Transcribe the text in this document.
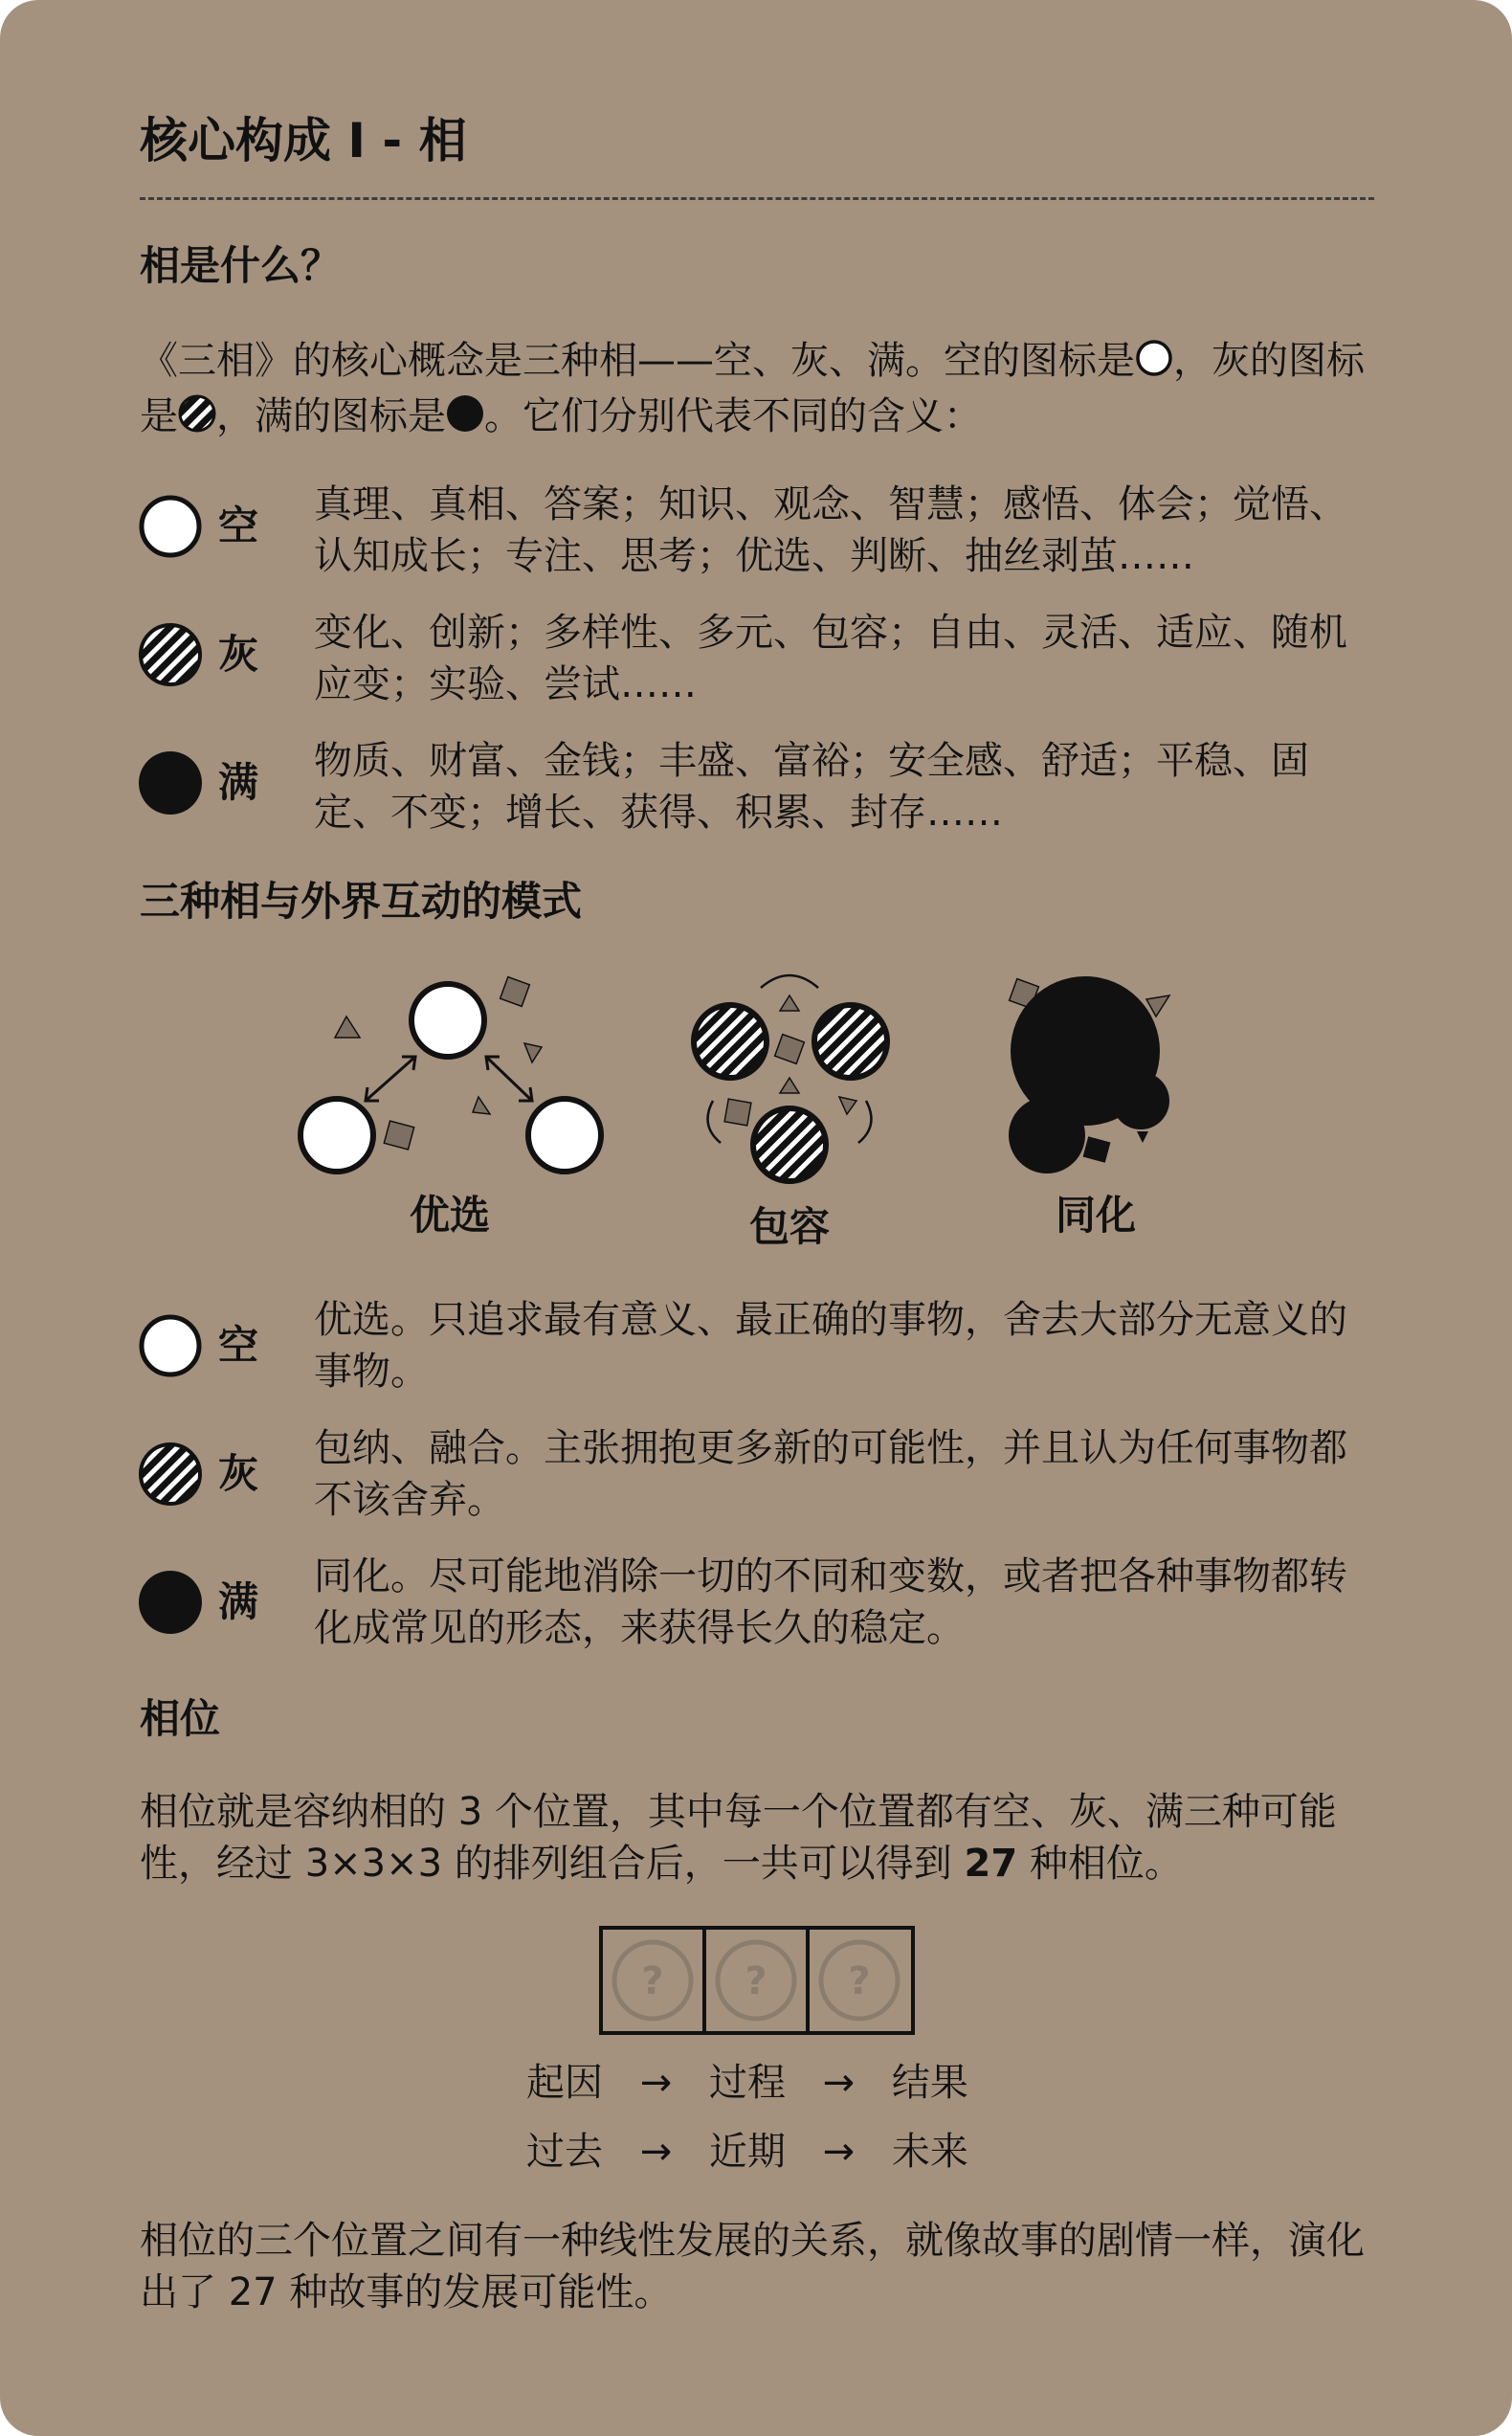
核心构成 I - 相
相是什么？
《三相》的核心概念是三种相——空、灰、满。空的图标是 ，灰的图标是 ，满的图标是 。它们分别代表不同的含义：
空 真理、真相、答案；知识、观念、智慧；感悟、体会；觉悟、认知成长；专注、思考；优选、判断、抽丝剥茧……
灰 变化、创新；多样性、多元、包容；自由、灵活、适应、随机应变；实验、尝试……
满 物质、财富、金钱；丰盛、富裕；安全感、舒适；平稳、固定、不变；增长、获得、积累、封存……
三种相与外界互动的模式
优选	包容	同化
空
优选。只追求最有意义、最正确的事物，舍去大部分无意义的事物。
灰
包纳、融合。主张拥抱更多新的可能性，并且认为任何事物都不该舍弃。
满
同化。尽可能地消除一切的不同和变数，或者把各种事物都转化成常见的形态，来获得长久的稳定。
相位
相位就是容纳相的 3 个位置，其中每一个位置都有空、灰、满三种可能性，经过 3×3×3 的排列组合后，一共可以得到 27 种相位。
? ? ?
起因 → 过程 → 结果
过去 → 近期 → 未来
相位的三个位置之间有一种线性发展的关系，就像故事的剧情一样，演化出了 27 种故事的发展可能性。
